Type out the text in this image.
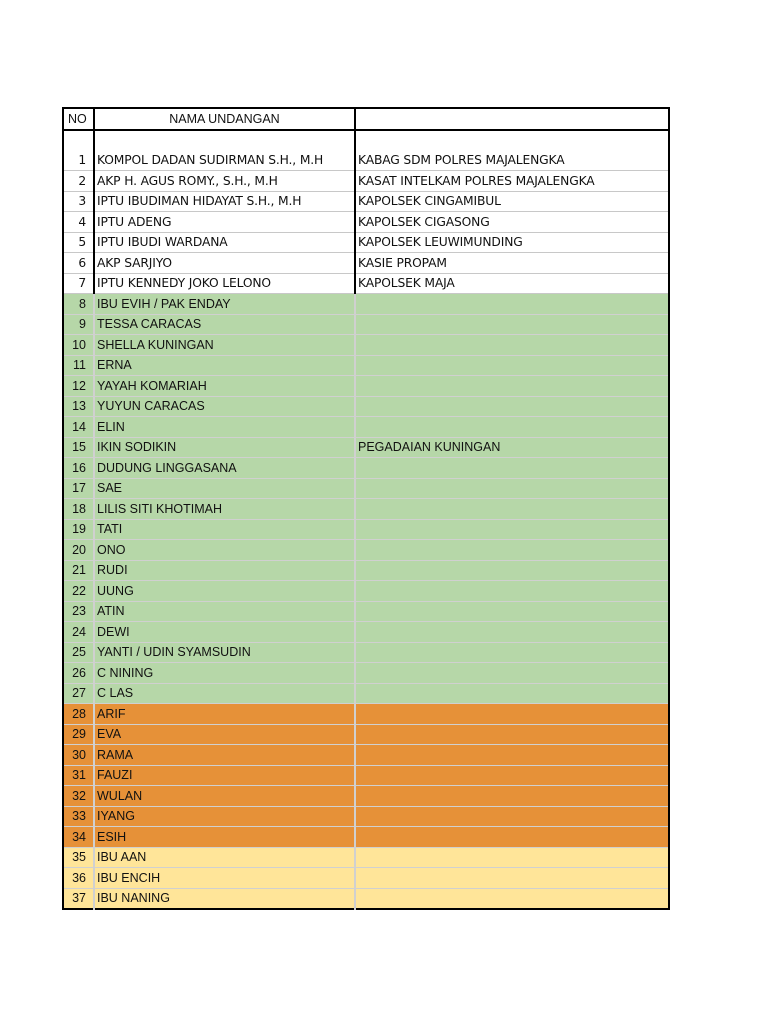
NO	NAMA UNDANGAN	
1	KOMPOL DADAN SUDIRMAN S.H., M.H	KABAG SDM POLRES MAJALENGKA
2	AKP H. AGUS ROMY., S.H., M.H	KASAT INTELKAM POLRES MAJALENGKA
3	IPTU IBUDIMAN HIDAYAT S.H., M.H	KAPOLSEK CINGAMIBUL
4	IPTU ADENG	KAPOLSEK CIGASONG
5	IPTU IBUDI WARDANA	KAPOLSEK LEUWIMUNDING
6	AKP SARJIYO	KASIE PROPAM
7	IPTU KENNEDY JOKO LELONO	KAPOLSEK MAJA
8	IBU EVIH / PAK ENDAY	
9	TESSA CARACAS	
10	SHELLA KUNINGAN	
11	ERNA	
12	YAYAH KOMARIAH	
13	YUYUN CARACAS	
14	ELIN	
15	IKIN SODIKIN	PEGADAIAN KUNINGAN
16	DUDUNG LINGGASANA	
17	SAE	
18	LILIS SITI KHOTIMAH	
19	TATI	
20	ONO	
21	RUDI	
22	UUNG	
23	ATIN	
24	DEWI	
25	YANTI / UDIN SYAMSUDIN	
26	C NINING	
27	C LAS	
28	ARIF	
29	EVA	
30	RAMA	
31	FAUZI	
32	WULAN	
33	IYANG	
34	ESIH	
35	IBU AAN	
36	IBU ENCIH	
37	IBU NANING	
